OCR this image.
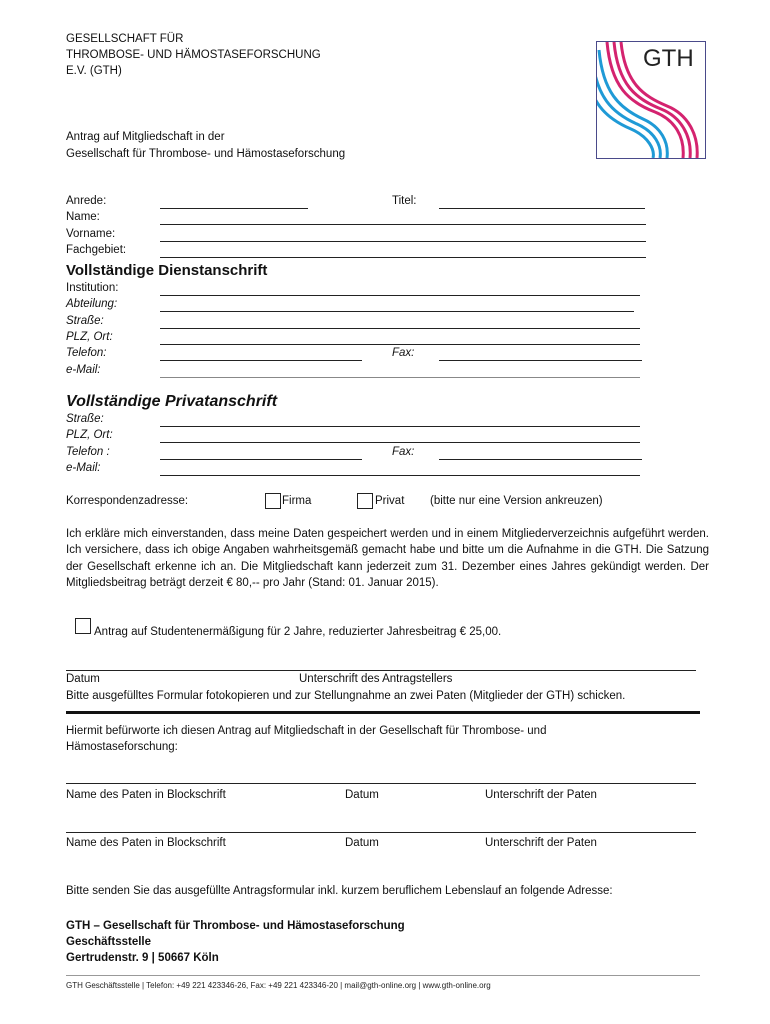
GESELLSCHAFT FÜR
THROMBOSE- UND HÄMOSTASEFORSCHUNG
E.V. (GTH)	GTH
Antrag auf Mitgliedschaft in der
Gesellschaft für Thrombose- und Hämostaseforschung
Anrede:	Titel:
Name:
Vorname:
Fachgebiet:
Vollständige Dienstanschrift
Institution:
Abteilung:
Straße:
PLZ, Ort:
Telefon:	Fax:
e-Mail:
Vollständige Privatanschrift
Straße:
PLZ, Ort:
Telefon :	Fax:
e-Mail:
Korrespondenzadresse:	Firma	Privat (bitte nur eine Version ankreuzen)
Ich erkläre mich einverstanden, dass meine Daten gespeichert werden und in einem Mitgliederverzeichnis aufgeführt werden. Ich versichere, dass ich obige Angaben wahrheitsgemäß gemacht habe und bitte um die Aufnahme in die GTH. Die Satzung der Gesellschaft erkenne ich an. Die Mitgliedschaft kann jederzeit zum 31. Dezember eines Jahres gekündigt werden. Der Mitgliedsbeitrag beträgt derzeit € 80,-- pro Jahr (Stand: 01. Januar 2015).
Antrag auf Studentenermäßigung für 2 Jahre, reduzierter Jahresbeitrag € 25,00.
Datum	Unterschrift des Antragstellers
Bitte ausgefülltes Formular fotokopieren und zur Stellungnahme an zwei Paten (Mitglieder der GTH) schicken.
Hiermit befürworte ich diesen Antrag auf Mitgliedschaft in der Gesellschaft für Thrombose- und Hämostaseforschung:
Name des Paten in Blockschrift	Datum	Unterschrift der Paten
Name des Paten in Blockschrift	Datum	Unterschrift der Paten
Bitte senden Sie das ausgefüllte Antragsformular inkl. kurzem beruflichem Lebenslauf an folgende Adresse:
GTH – Gesellschaft für Thrombose- und Hämostaseforschung
Geschäftsstelle
Gertrudenstr. 9 | 50667 Köln
GTH Geschäftsstelle | Telefon: +49 221 423346-26, Fax: +49 221 423346-20 | mail@gth-online.org | www.gth-online.org
